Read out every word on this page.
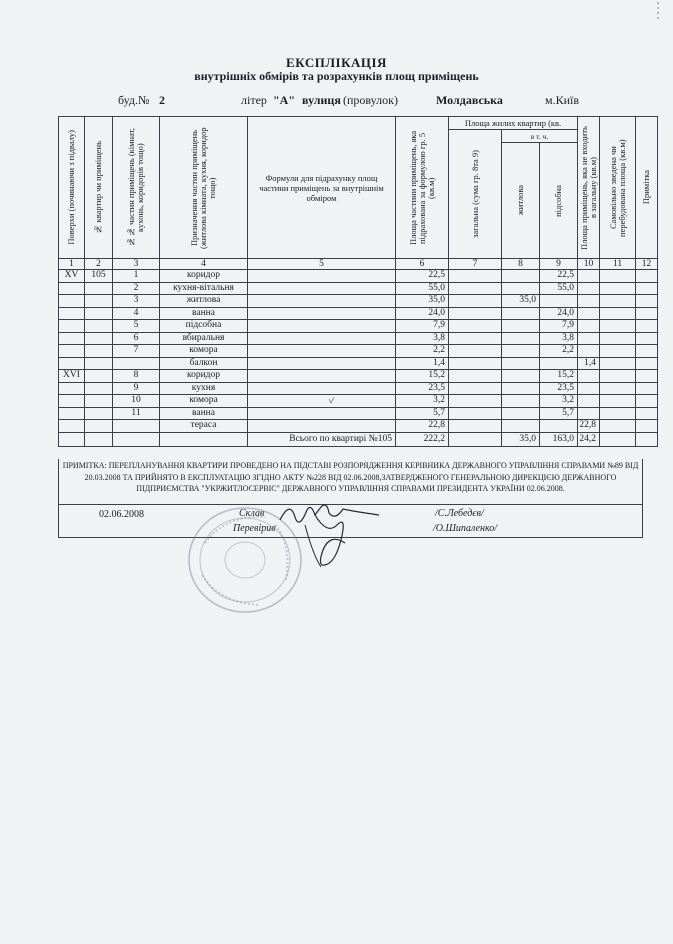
ЕКСПЛІКАЦІЯ
внутрішніх обмірів та розрахунків площ приміщень
буд.№ 2	літер "А" вулиця (провулок)	Молдавська	м.Київ
Поверхи (починаючи з підвалу)	№ квартир чи приміщень	№№ частин приміщень (кімнат, кухонь, коридорів тощо)	Призначення частин приміщень (житлова кімната, кухня, коридор тощо)	Формули для підрахунку площ частини приміщень за внутрішнім обміром	Площа частини приміщень, яка підрахована за формулою гр. 5 (кв.м)	Площа жилих квартир (кв.			Площа приміщень, яка не входить в загальну (кв.м)	Самовільно зведена чи перебудована площа (кв.м)	Примітка

						загальна (сума гр. 8та 9)	в т. ч.				

							житлова	підсобна			

1	2	3	4	5	6	7	8	9	10	11	12
XV	105	1	коридор		22,5			22,5			
		2	кухня-вітальня		55,0			55,0			
		3	житлова		35,0		35,0				
		4	ванна		24,0			24,0			
		5	підсобна		7,9			7,9			
		6	вбиральня		3,8			3,8			
		7	комора		2,2			2,2			
			балкон		1,4				1,4		
XVI		8	коридор		15,2			15,2			
		9	кухня		23,5			23,5			
		10	комора		3,2			3,2			
		11	ванна		5,7			5,7			
			тераса		22,8				22,8		
				Всього по квартирі №105	222,2		35,0	163,0	24,2		
ПРИМІТКА: ПЕРЕПЛАНУВАННЯ КВАРТИРИ ПРОВЕДЕНО НА ПІДСТАВІ РОЗПОРЯДЖЕННЯ КЕРІВНИКА ДЕРЖАВНОГО УПРАВЛІННЯ СПРАВАМИ №89 ВІД
20.03.2008 ТА ПРИЙНЯТО В ЕКСПЛУАТАЦІЮ ЗГІДНО АКТУ №228 ВІД 02.06.2008,ЗАТВЕРДЖЕНОГО ГЕНЕРАЛЬНОЮ ДИРЕКЦІЄЮ ДЕРЖАВНОГО
ПІДПРИЄМСТВА "УКРЖИТЛОСЕРВІС" ДЕРЖАВНОГО УПРАВЛІННЯ СПРАВАМИ ПРЕЗИДЕНТА УКРАЇНИ 02.06.2008.
02.06.2008	Склав
Перевірив
/С.Лебедєв/
/О.Шипаленко/
